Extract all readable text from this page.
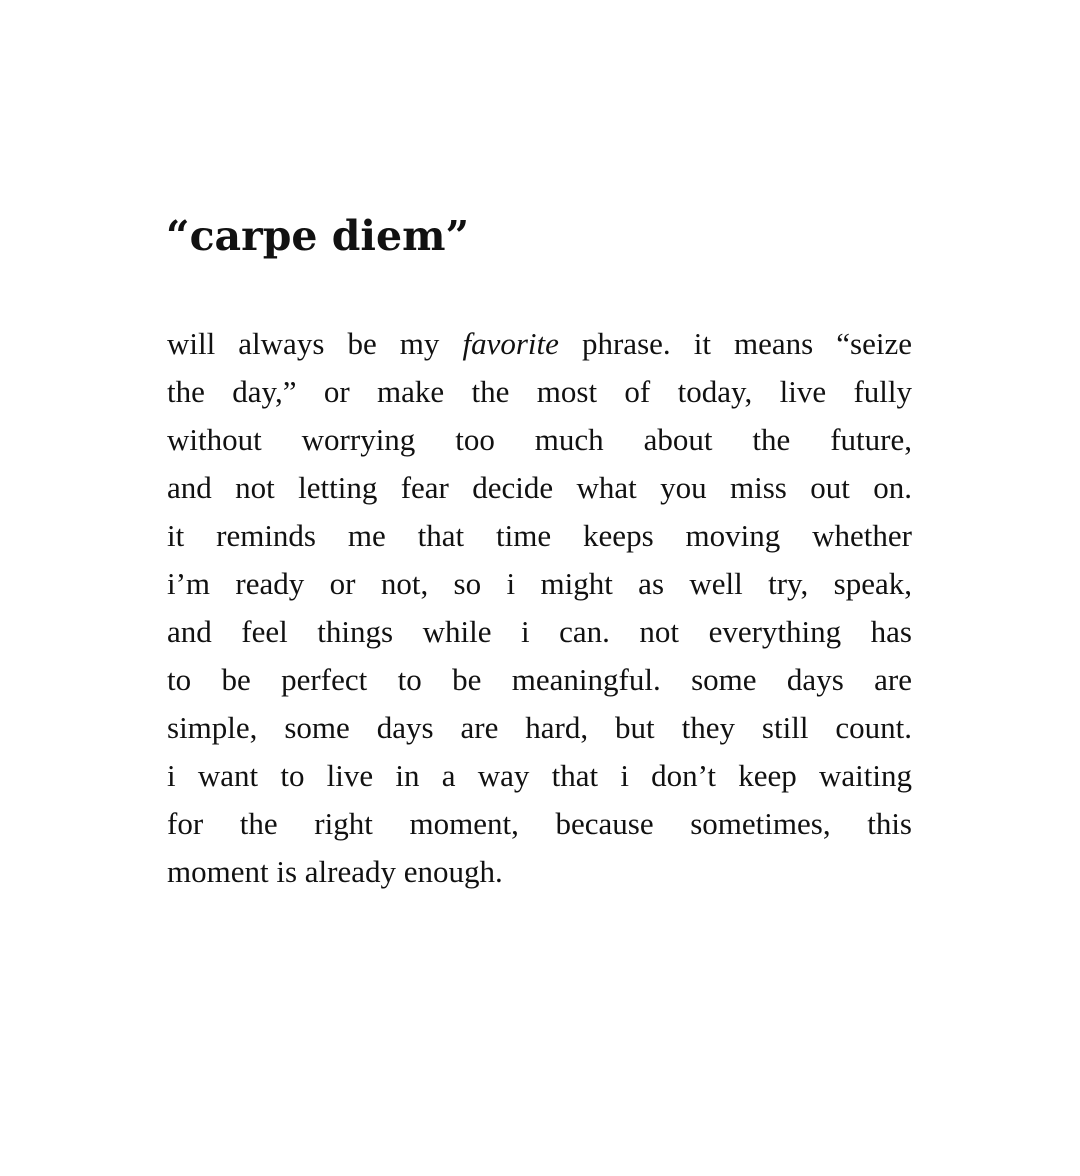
“carpe diem”
will always be my favorite phrase. it means “seize
the day,” or make the most of today, live fully
without worrying too much about the future,
and not letting fear decide what you miss out on.
it reminds me that time keeps moving whether
i’m ready or not, so i might as well try, speak,
and feel things while i can. not everything has
to be perfect to be meaningful. some days are
simple, some days are hard, but they still count.
i want to live in a way that i don’t keep waiting
for the right moment, because sometimes, this
moment is already enough.
